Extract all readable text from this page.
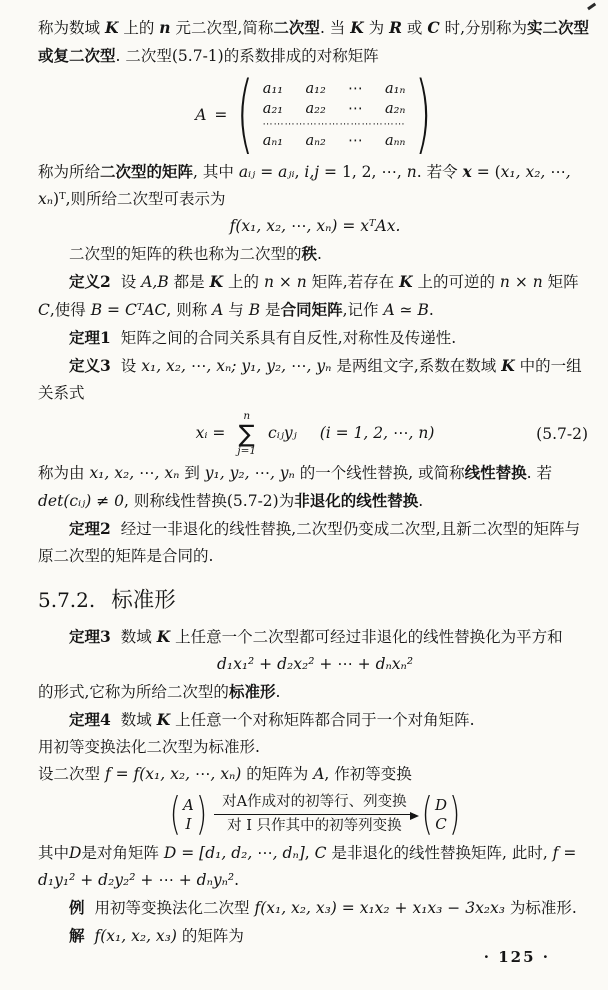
称为数域 K 上的 n 元二次型,简称二次型. 当 K 为 R 或 C 时,分别称为实二次型或复二次型. 二次型(5.7-1)的系数排成的对称矩阵

A = ( a₁₁ a₁₂ ⋯ a₁ₙ
a₂₁ a₂₂ ⋯ a₂ₙ
⋯⋯⋯⋯⋯⋯⋯⋯⋯⋯⋯⋯⋯
aₙ₁ aₙ₂ ⋯ aₙₙ )

称为所给二次型的矩阵, 其中 aᵢⱼ = aⱼᵢ, i,j = 1, 2, ⋯, n. 若令 x = (x₁, x₂, ⋯, xₙ)ᵀ,则所给二次型可表示为

f(x₁, x₂, ⋯, xₙ) = xᵀAx.

二次型的矩阵的秩也称为二次型的秩.

定义2 设 A,B 都是 K 上的 n × n 矩阵,若存在 K 上的可逆的 n × n 矩阵 C,使得 B = CᵀAC, 则称 A 与 B 是合同矩阵,记作 A ≃ B.

定理1 矩阵之间的合同关系具有自反性,对称性及传递性.

定义3 设 x₁, x₂, ⋯, xₙ; y₁, y₂, ⋯, yₙ 是两组文字,系数在数域 K 中的一组关系式

xᵢ =
n
∑
j=1
cᵢⱼyⱼ (i = 1, 2, ⋯, n)	(5.7-2)

称为由 x₁, x₂, ⋯, xₙ 到 y₁, y₂, ⋯, yₙ 的一个线性替换, 或简称线性替换. 若 det(cᵢⱼ) ≠ 0, 则称线性替换(5.7-2)为非退化的线性替换.

定理2 经过一非退化的线性替换,二次型仍变成二次型,且新二次型的矩阵与原二次型的矩阵是合同的.

5.7.2. 标准形

定理3 数域 K 上任意一个二次型都可经过非退化的线性替换化为平方和

d₁x₁² + d₂x₂² + ⋯ + dₙxₙ²

的形式,它称为所给二次型的标准形.

定理4 数域 K 上任意一个对称矩阵都合同于一个对角矩阵.

用初等变换法化二次型为标准形.

设二次型 f = f(x₁, x₂, ⋯, xₙ) 的矩阵为 A, 作初等变换

( A
I )	对A作成对的初等行、列变换
对 I 只作其中的初等列变换 ( D
C )

其中D是对角矩阵 D = [d₁, d₂, ⋯, dₙ], C 是非退化的线性替换矩阵, 此时, f = d₁y₁² + d₂y₂² + ⋯ + dₙyₙ².

例 用初等变换法化二次型 f(x₁, x₂, x₃) = x₁x₂ + x₁x₃ − 3x₂x₃ 为标准形.

解 f(x₁, x₂, x₃) 的矩阵为

· 125 ·
